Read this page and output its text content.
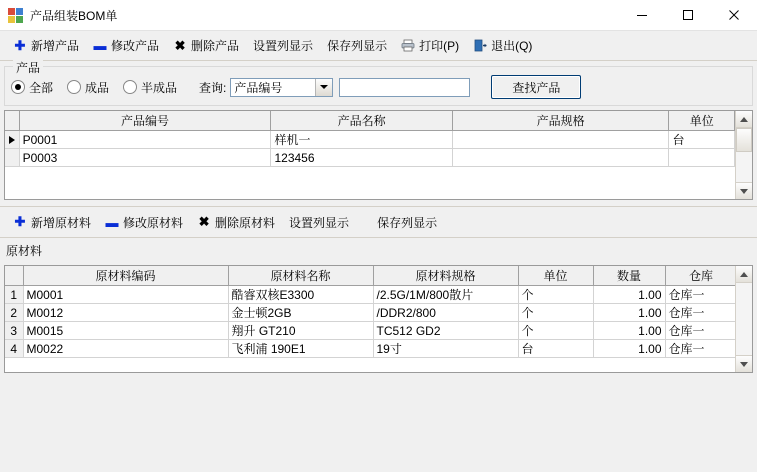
产品组装BOM单
✚ 新增产品 ▬ 修改产品 ✖ 删除产品 设置列显示 保存列显示	打印(P)	退出(Q)
产品
全部	成品	半成品 查询: 产品编号	查找产品
	产品编号	产品名称	产品规格	单位
	P0001	样机一		台
	P0003	123456		
✚ 新增原材料 ▬ 修改原材料 ✖ 删除原材料 设置列显示 保存列显示
原材料
	原材料编码	原材料名称	原材料规格	单位	数量	仓库
1	M0001	酷睿双核E3300	/2.5G/1M/800散片	个	1.00	仓库一
2	M0012	金士顿2GB	/DDR2/800	个	1.00	仓库一
3	M0015	翔升 GT210	TC512 GD2	个	1.00	仓库一
4	M0022	飞利浦 190E1	19寸	台	1.00	仓库一
